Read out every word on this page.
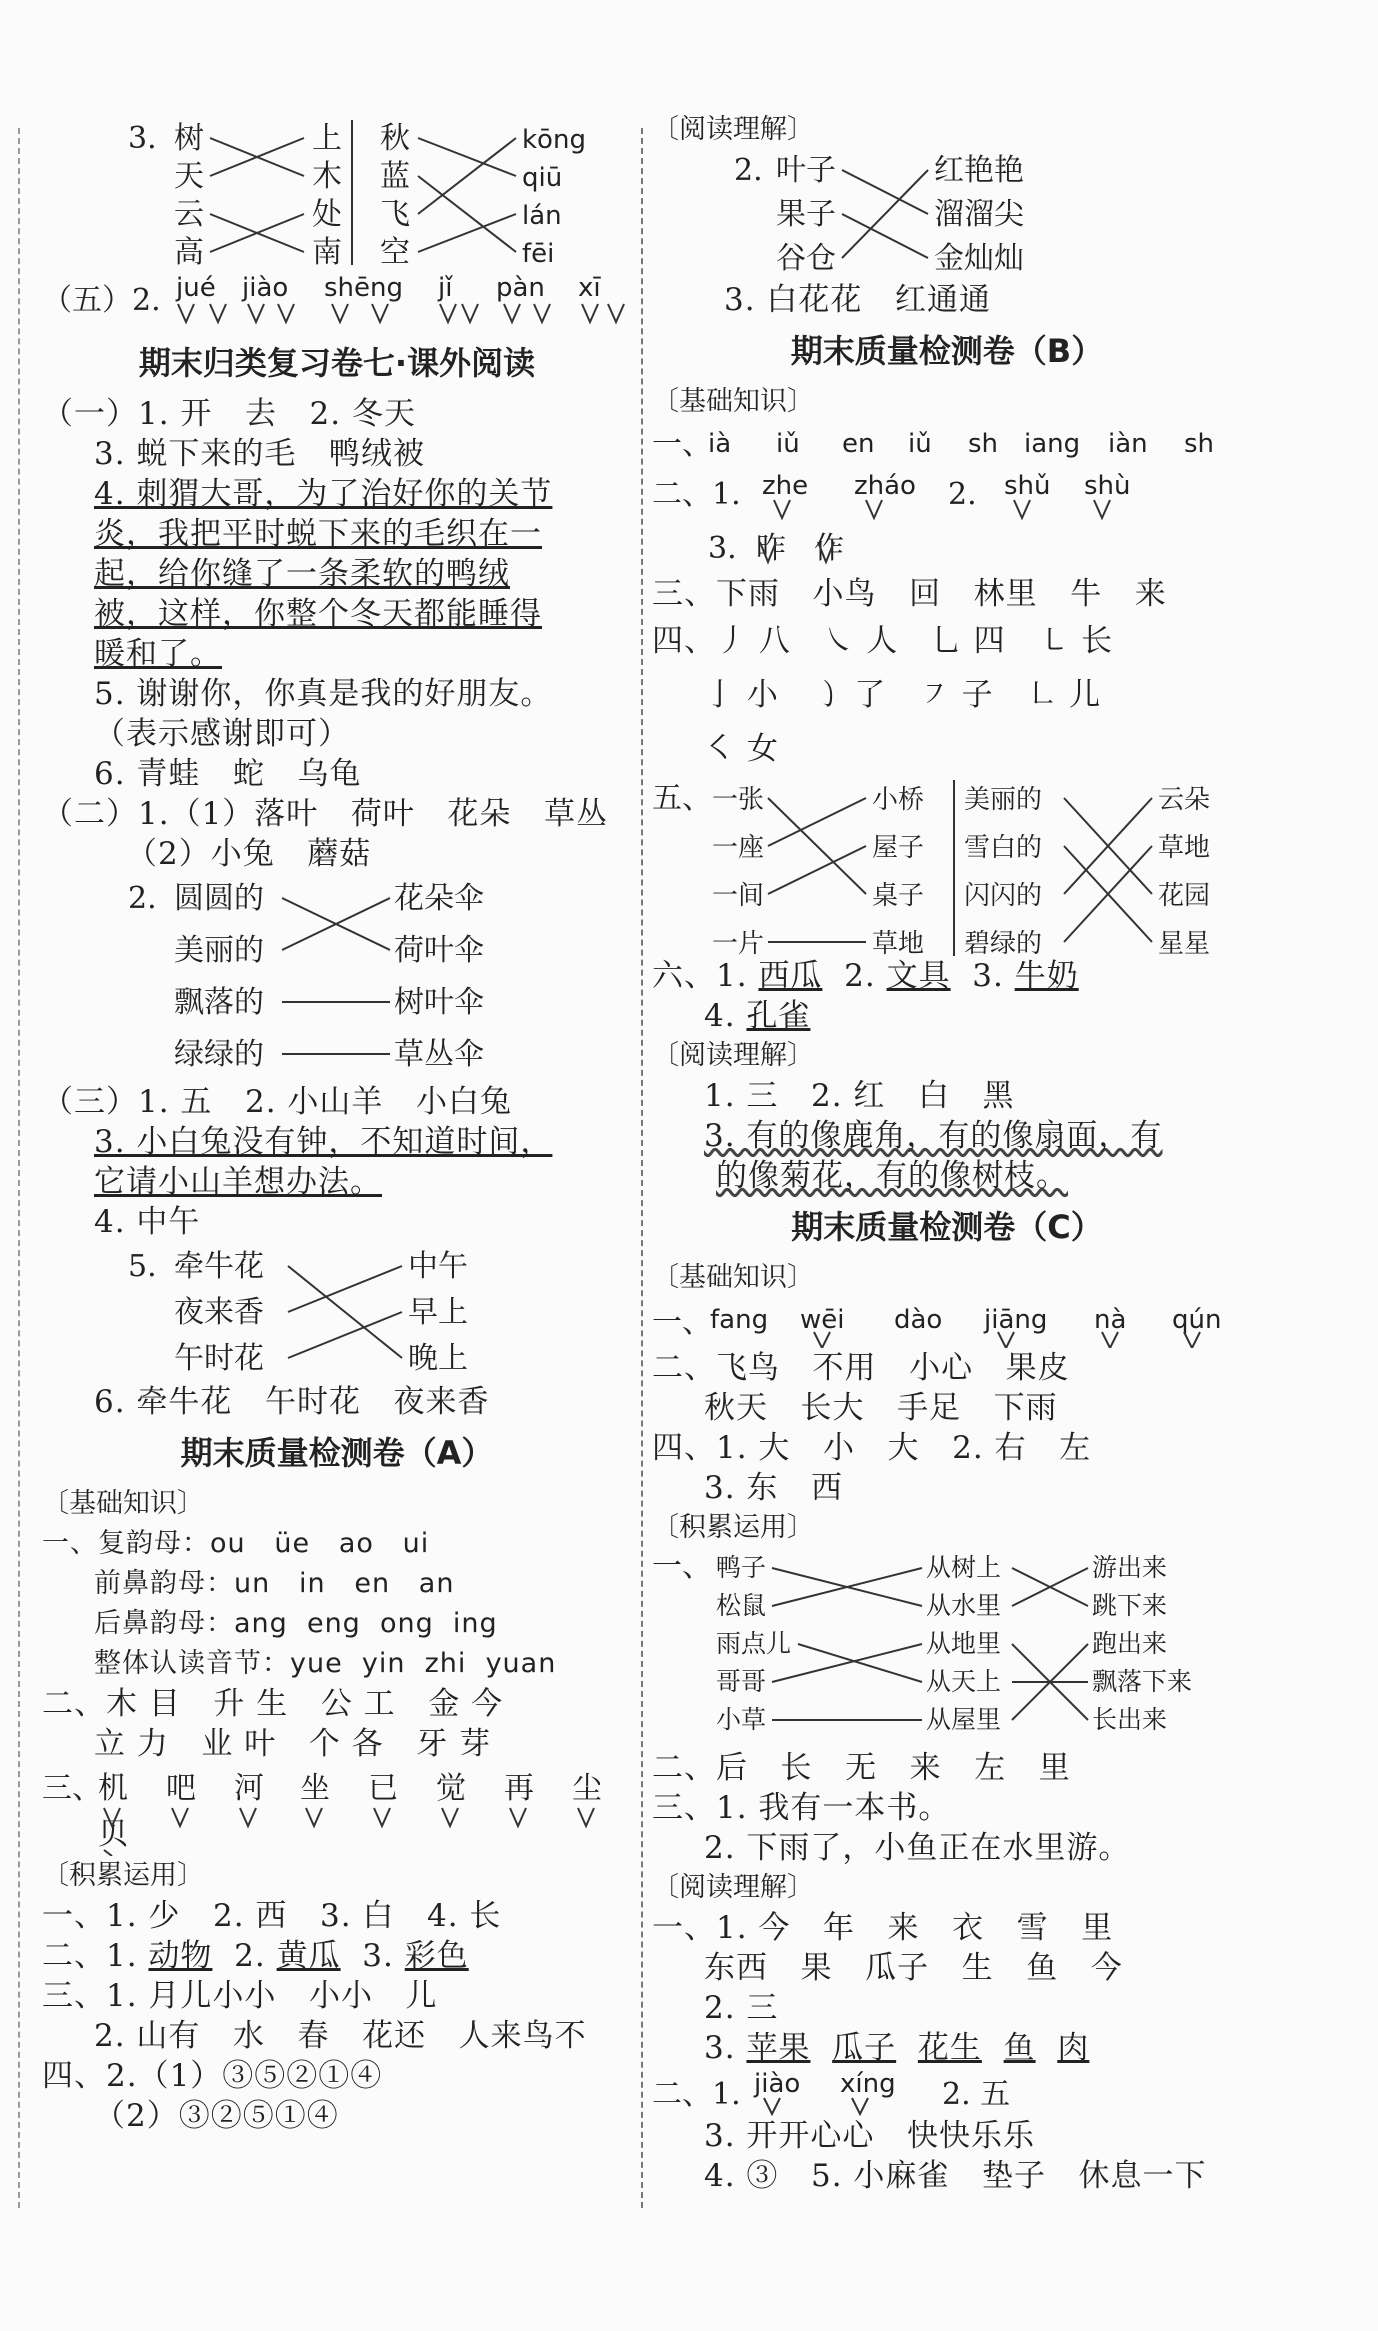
3. 树
天
云
高
上
木
处
南
秋
蓝
飞
空
kōng
qiū
lán
fēi
（五）2. jué jiào shēng jǐ pàn xī
期末归类复习卷七·课外阅读
（一）1. 开   去   2. 冬天
3. 蜕下来的毛   鸭绒被
4. 刺猬大哥，为了治好你的关节
炎，我把平时蜕下来的毛织在一
起，给你缝了一条柔软的鸭绒
被，这样，你整个冬天都能睡得
暖和了。
5. 谢谢你，你真是我的好朋友。
（表示感谢即可）
6. 青蛙   蛇   乌龟
（二）1.（1）落叶   荷叶   花朵   草丛
（2）小兔   蘑菇
2. 圆圆的
美丽的
飘落的
绿绿的
花朵伞
荷叶伞
树叶伞
草丛伞
（三）1. 五   2. 小山羊   小白兔
3. 小白兔没有钟，不知道时间，
它请小山羊想办法。
4. 中午
5. 牵牛花
夜来香
午时花
中午
早上
晚上
6. 牵牛花   午时花   夜来香
期末质量检测卷（A）
〔基础知识〕
一、复韵母：ou   üe   ao   ui
前鼻韵母：un   in   en   an
后鼻韵母：ang  eng  ong  ing
整体认读音节：yue  yin  zhi  yuan
二、木 目   升 生   公 工   金 今
立 力   业 叶   个 各   牙 芽
三、
机 吧 河 坐 已 觉 再 尘
贝
〔积累运用〕
一、1. 少   2. 西   3. 白   4. 长
二、1. 动物  2. 黄瓜  3. 彩色
三、1. 月儿小小   小小   儿
2. 山有   水   春   花还   人来鸟不
四、2.（1）③⑤②①④
（2）③②⑤①④
〔阅读理解〕
2. 叶子
果子
谷仓
红艳艳
溜溜尖
金灿灿
3. 白花花   红通通
期末质量检测卷（B）
〔基础知识〕
一、
ià iǔ en iǔ sh iang iàn sh
二、1. zhe zháo 2. shǔ shù
3. 昨 作
三、下雨   小鸟   回   林里   牛   来
四、丿 八   ㇏ 人   乚 四   ㇄ 长
亅 小   ㇁ 了   ㇇ 子   ㇗ 儿
㇛ 女
五、 一张
一座
一间
一片
小桥
屋子
桌子
草地
美丽的
雪白的
闪闪的
碧绿的
云朵
草地
花园
星星
六、1. 西瓜  2. 文具  3. 牛奶
4. 孔雀
〔阅读理解〕
1. 三   2. 红   白   黑
3. 有的像鹿角，有的像扇面，有
的像菊花，有的像树枝。
期末质量检测卷（C）
〔基础知识〕
一、
fang wēi dào jiāng nà qún
二、飞鸟   不用   小心   果皮
秋天   长大   手足   下雨
四、1. 大   小   大   2. 右   左
3. 东   西
〔积累运用〕
一、 鸭子
松鼠
雨点儿
哥哥
小草
从树上
从水里
从地里
从天上
从屋里
游出来
跳下来
跑出来
飘落下来
长出来
二、后   长   无   来   左   里
三、1. 我有一本书。
2. 下雨了，小鱼正在水里游。
〔阅读理解〕
一、1. 今   年   来   衣   雪   里
东西   果   瓜子   生   鱼   今
2. 三
3. 苹果 瓜子 花生 鱼 肉
二、1. jiào xíng 2. 五
3. 开开心心   快快乐乐
4. ③   5. 小麻雀   垫子   休息一下
